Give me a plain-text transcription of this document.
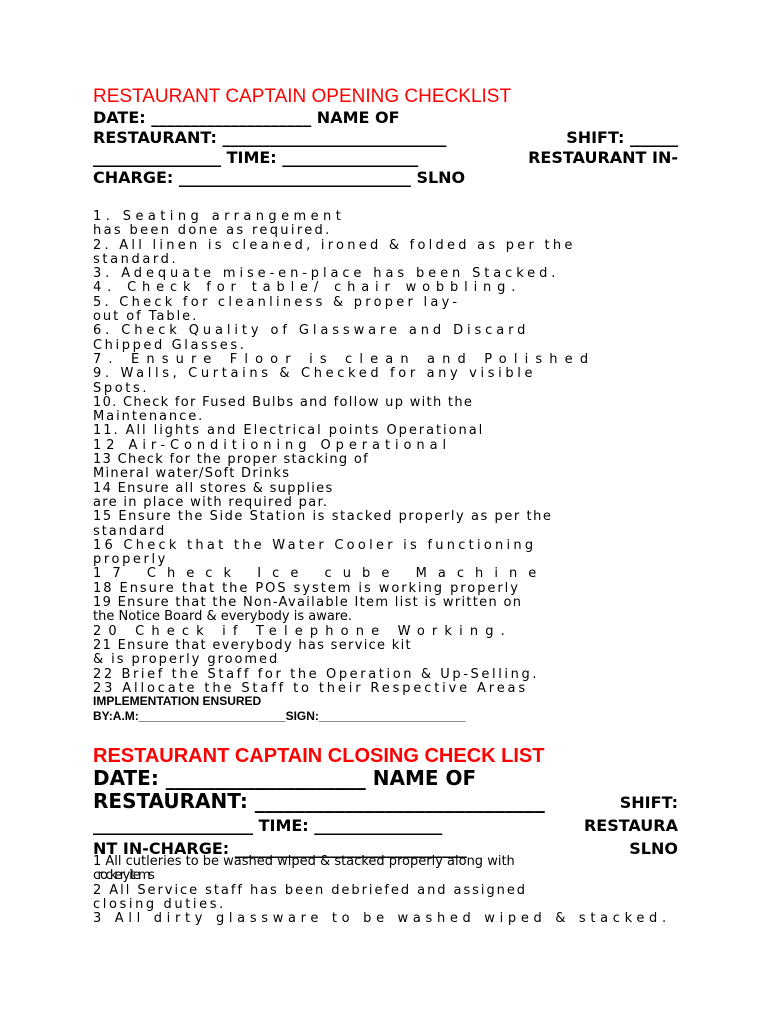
RESTAURANT CAPTAIN OPENING CHECKLIST
DATE: ____________________ NAME OF
RESTAURANT: ____________________________	SHIFT: ______
________________ TIME: _________________	RESTAURANT IN-
CHARGE: _____________________________ SLNO
1. Seating arrangement
has been done as required.
2. All linen is cleaned, ironed & folded as per the
standard.
3. Adequate mise-en-place has been Stacked.
4. Check for table/ chair wobbling.
5. Check for cleanliness & proper lay-
out of Table.
6. Check Quality of Glassware and Discard
Chipped Glasses.
7. Ensure Floor is clean and Polished
9. Walls, Curtains & Checked for any visible
Spots.
10. Check for Fused Bulbs and follow up with the
Maintenance.
11. All lights and Electrical points Operational
12 Air-Conditioning Operational
13 Check for the proper stacking of
Mineral water/Soft Drinks
14 Ensure all stores & supplies
are in place with required par.
15 Ensure the Side Station is stacked properly as per the
standard
16 Check that the Water Cooler is functioning
properly
17 Check Ice cube Machine
18 Ensure that the POS system is working properly
19 Ensure that the Non-Available Item list is written on
the Notice Board & everybody is aware.
20 Check if Telephone Working.
21 Ensure that everybody has service kit
& is properly groomed
22 Brief the Staff for the Operation & Up-Selling.
23 Allocate the Staff to their Respective Areas
IMPLEMENTATION ENSURED
BY:A.M:______________________SIGN:______________________
RESTAURANT CAPTAIN CLOSING CHECK LIST
DATE: ____________________ NAME OF
RESTAURANT: _____________________________	SHIFT:
____________________ TIME: ________________	RESTAURA
NT IN-CHARGE: _____________________________	SLNO
1 All cutleries to be washed wiped & stacked properly along with
crockery items
2 All Service staff has been debriefed and assigned
closing duties.
3 All dirty glassware to be washed wiped & stacked.
